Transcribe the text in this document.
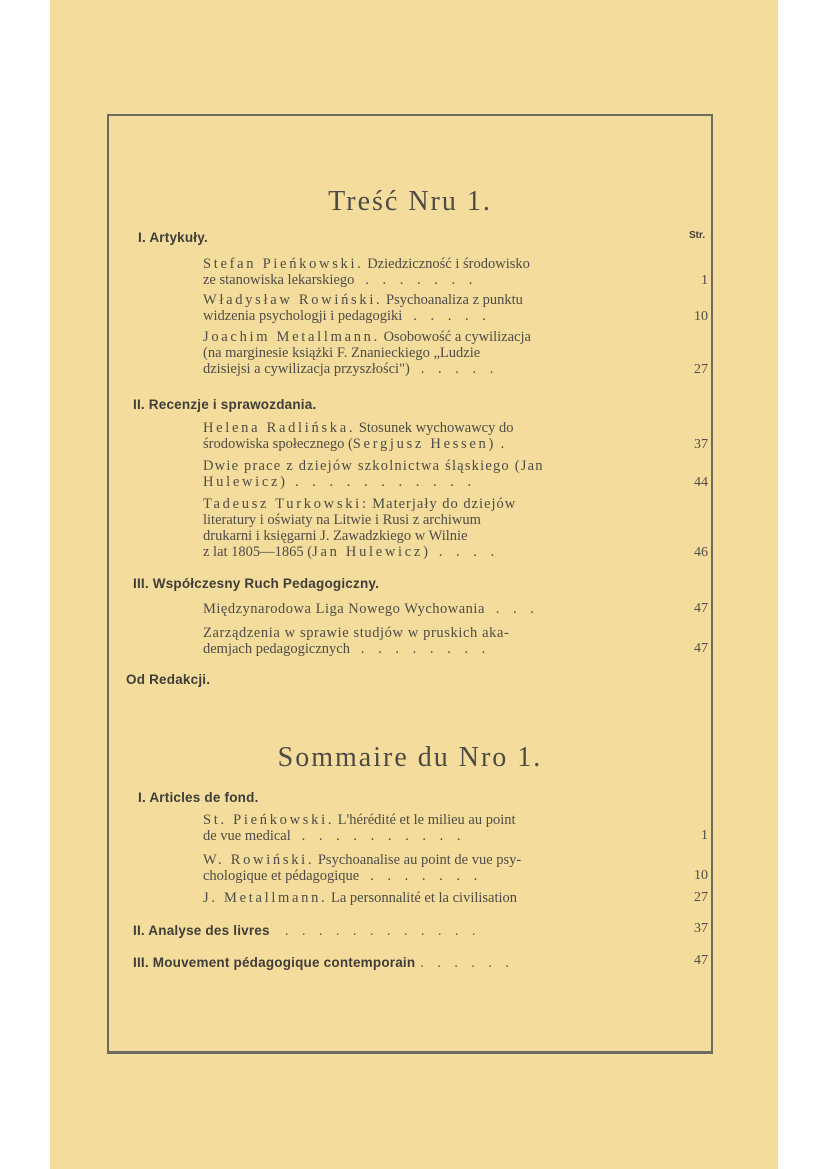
Treść Nru 1.
Str.
I. Artykuły.
Stefan Pieńkowski. Dziedziczność i środowisko
ze stanowiska lekarskiego . . . . . . .	1
Władysław Rowiński. Psychoanaliza z punktu
widzenia psychologji i pedagogiki . . . . .	10
Joachim Metallmann. Osobowość a cywilizacja
(na marginesie książki F. Znanieckiego „Ludzie
dzisiejsi a cywilizacja przyszłości") . . . . .	27
II. Recenzje i sprawozdania.
Helena Radlińska. Stosunek wychowawcy do
środowiska społecznego (Sergjusz Hessen) .	37
Dwie prace z dziejów szkolnictwa śląskiego (Jan
Hulewicz) . . . . . . . . . . .	44
Tadeusz Turkowski: Materjały do dziejów
literatury i oświaty na Litwie i Rusi z archiwum
drukarni i księgarni J. Zawadzkiego w Wilnie
z lat 1805—1865 (Jan Hulewicz) . . . .	46
III. Współczesny Ruch Pedagogiczny.
Międzynarodowa Liga Nowego Wychowania . . .	47
Zarządzenia w sprawie studjów w pruskich aka-
demjach pedagogicznych . . . . . . . .	47
Od Redakcji.
Sommaire du Nro 1.
I. Articles de fond.
St. Pieńkowski. L'hérédité et le milieu au point
de vue medical . . . . . . . . . .	1
W. Rowiński. Psychoanalise au point de vue psy-
chologique et pédagogique . . . . . . .	10
J. Metallmann. La personnalité et la civilisation	27
II. Analyse des livres . . . . . . . . . . . .	37
III. Mouvement pédagogique contemporain . . . . . .	47
